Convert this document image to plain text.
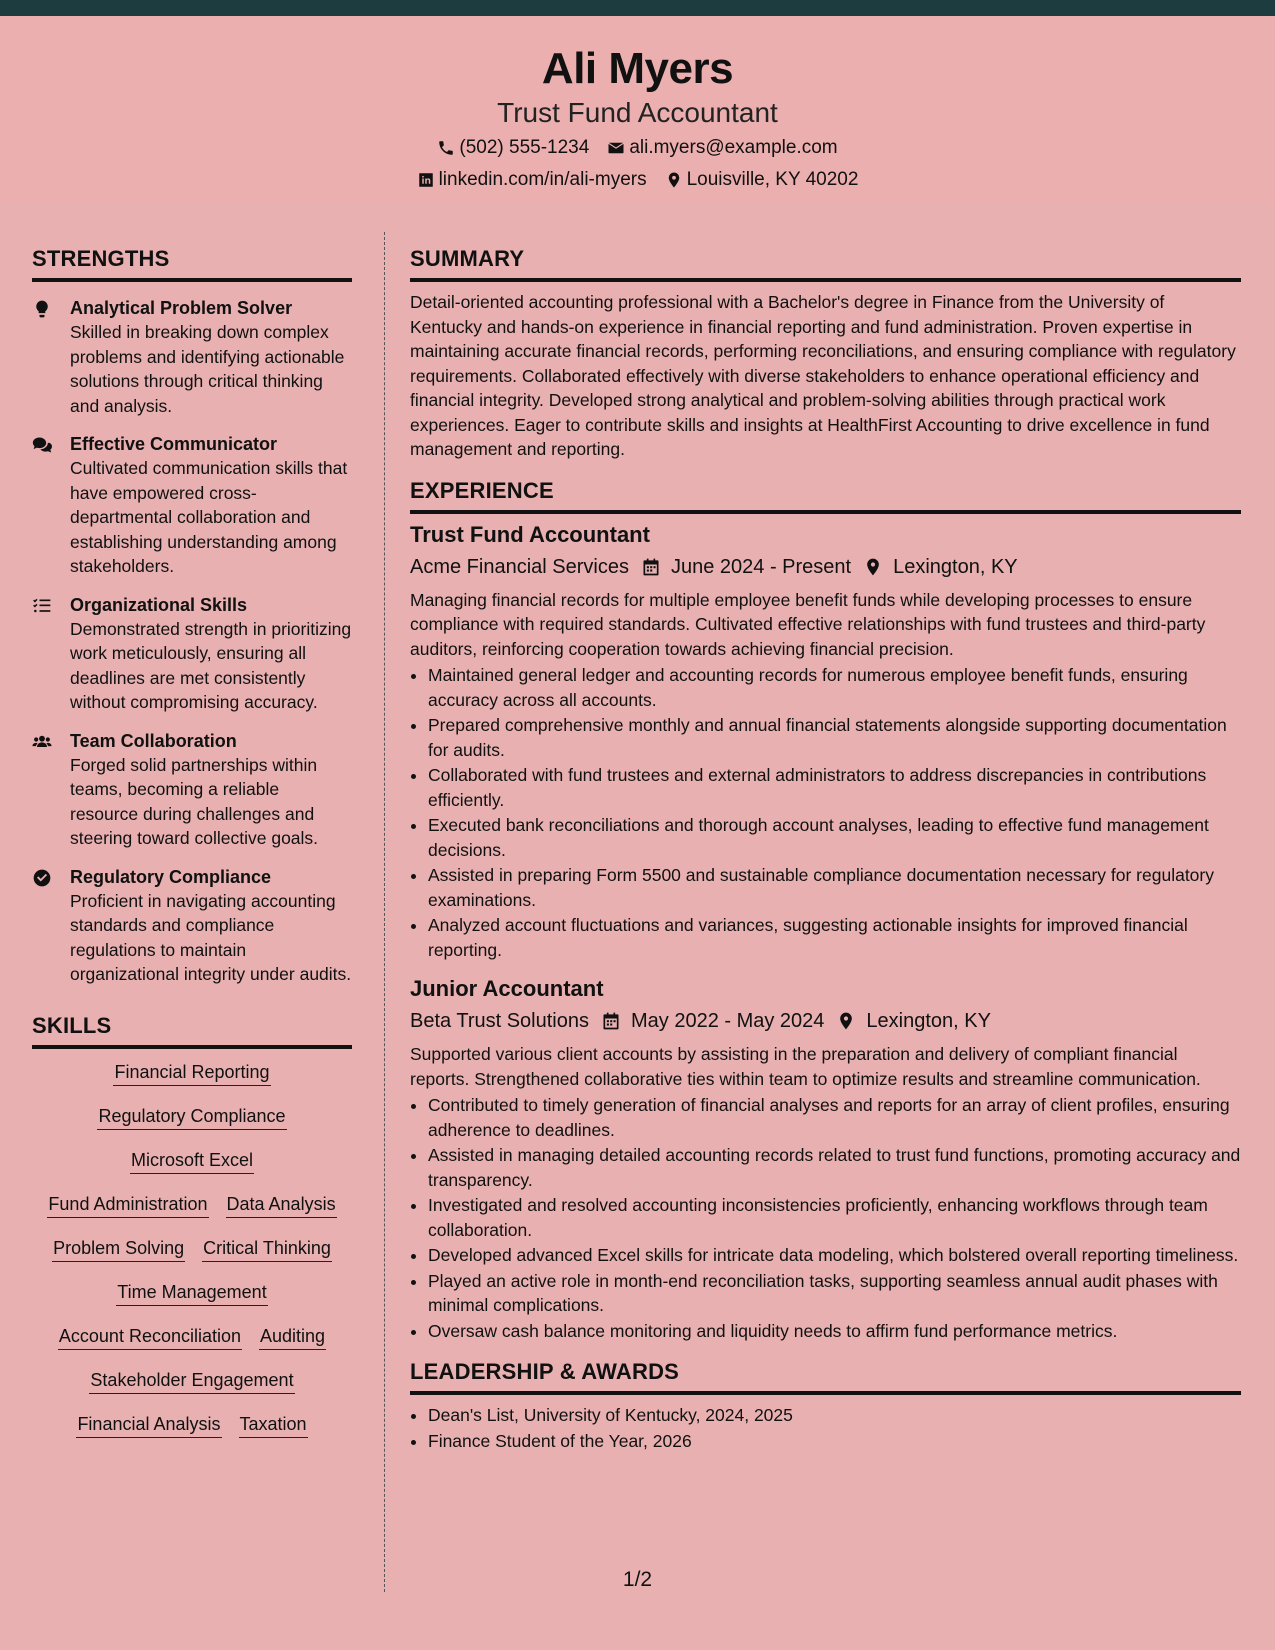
Ali Myers
Trust Fund Accountant
(502) 555-1234 ali.myers@example.com
linkedin.com/in/ali-myers Louisville, KY 40202
STRENGTHS
Analytical Problem Solver
Skilled in breaking down complex problems and identifying actionable solutions through critical thinking and analysis.
Effective Communicator
Cultivated communication skills that have empowered cross-departmental collaboration and establishing understanding among stakeholders.
Organizational Skills
Demonstrated strength in prioritizing work meticulously, ensuring all deadlines are met consistently without compromising accuracy.
Team Collaboration
Forged solid partnerships within teams, becoming a reliable resource during challenges and steering toward collective goals.
Regulatory Compliance
Proficient in navigating accounting standards and compliance regulations to maintain organizational integrity under audits.
SKILLS
Financial Reporting
Regulatory Compliance
Microsoft Excel
Fund Administration Data Analysis
Problem Solving Critical Thinking
Time Management
Account Reconciliation Auditing
Stakeholder Engagement
Financial Analysis Taxation
SUMMARY
Detail-oriented accounting professional with a Bachelor's degree in Finance from the University of Kentucky and hands-on experience in financial reporting and fund administration. Proven expertise in maintaining accurate financial records, performing reconciliations, and ensuring compliance with regulatory requirements. Collaborated effectively with diverse stakeholders to enhance operational efficiency and financial integrity. Developed strong analytical and problem-solving abilities through practical work experiences. Eager to contribute skills and insights at HealthFirst Accounting to drive excellence in fund management and reporting.
EXPERIENCE
Trust Fund Accountant
Acme Financial Services June 2024 - Present Lexington, KY
Managing financial records for multiple employee benefit funds while developing processes to ensure compliance with required standards. Cultivated effective relationships with fund trustees and third-party auditors, reinforcing cooperation towards achieving financial precision.
• Maintained general ledger and accounting records for numerous employee benefit funds, ensuring accuracy across all accounts.
• Prepared comprehensive monthly and annual financial statements alongside supporting documentation for audits.
• Collaborated with fund trustees and external administrators to address discrepancies in contributions efficiently.
• Executed bank reconciliations and thorough account analyses, leading to effective fund management decisions.
• Assisted in preparing Form 5500 and sustainable compliance documentation necessary for regulatory examinations.
• Analyzed account fluctuations and variances, suggesting actionable insights for improved financial reporting.
Junior Accountant
Beta Trust Solutions May 2022 - May 2024 Lexington, KY
Supported various client accounts by assisting in the preparation and delivery of compliant financial reports. Strengthened collaborative ties within team to optimize results and streamline communication.
• Contributed to timely generation of financial analyses and reports for an array of client profiles, ensuring adherence to deadlines.
• Assisted in managing detailed accounting records related to trust fund functions, promoting accuracy and transparency.
• Investigated and resolved accounting inconsistencies proficiently, enhancing workflows through team collaboration.
• Developed advanced Excel skills for intricate data modeling, which bolstered overall reporting timeliness.
• Played an active role in month-end reconciliation tasks, supporting seamless annual audit phases with minimal complications.
• Oversaw cash balance monitoring and liquidity needs to affirm fund performance metrics.
LEADERSHIP & AWARDS
• Dean's List, University of Kentucky, 2024, 2025
• Finance Student of the Year, 2026
1/2
